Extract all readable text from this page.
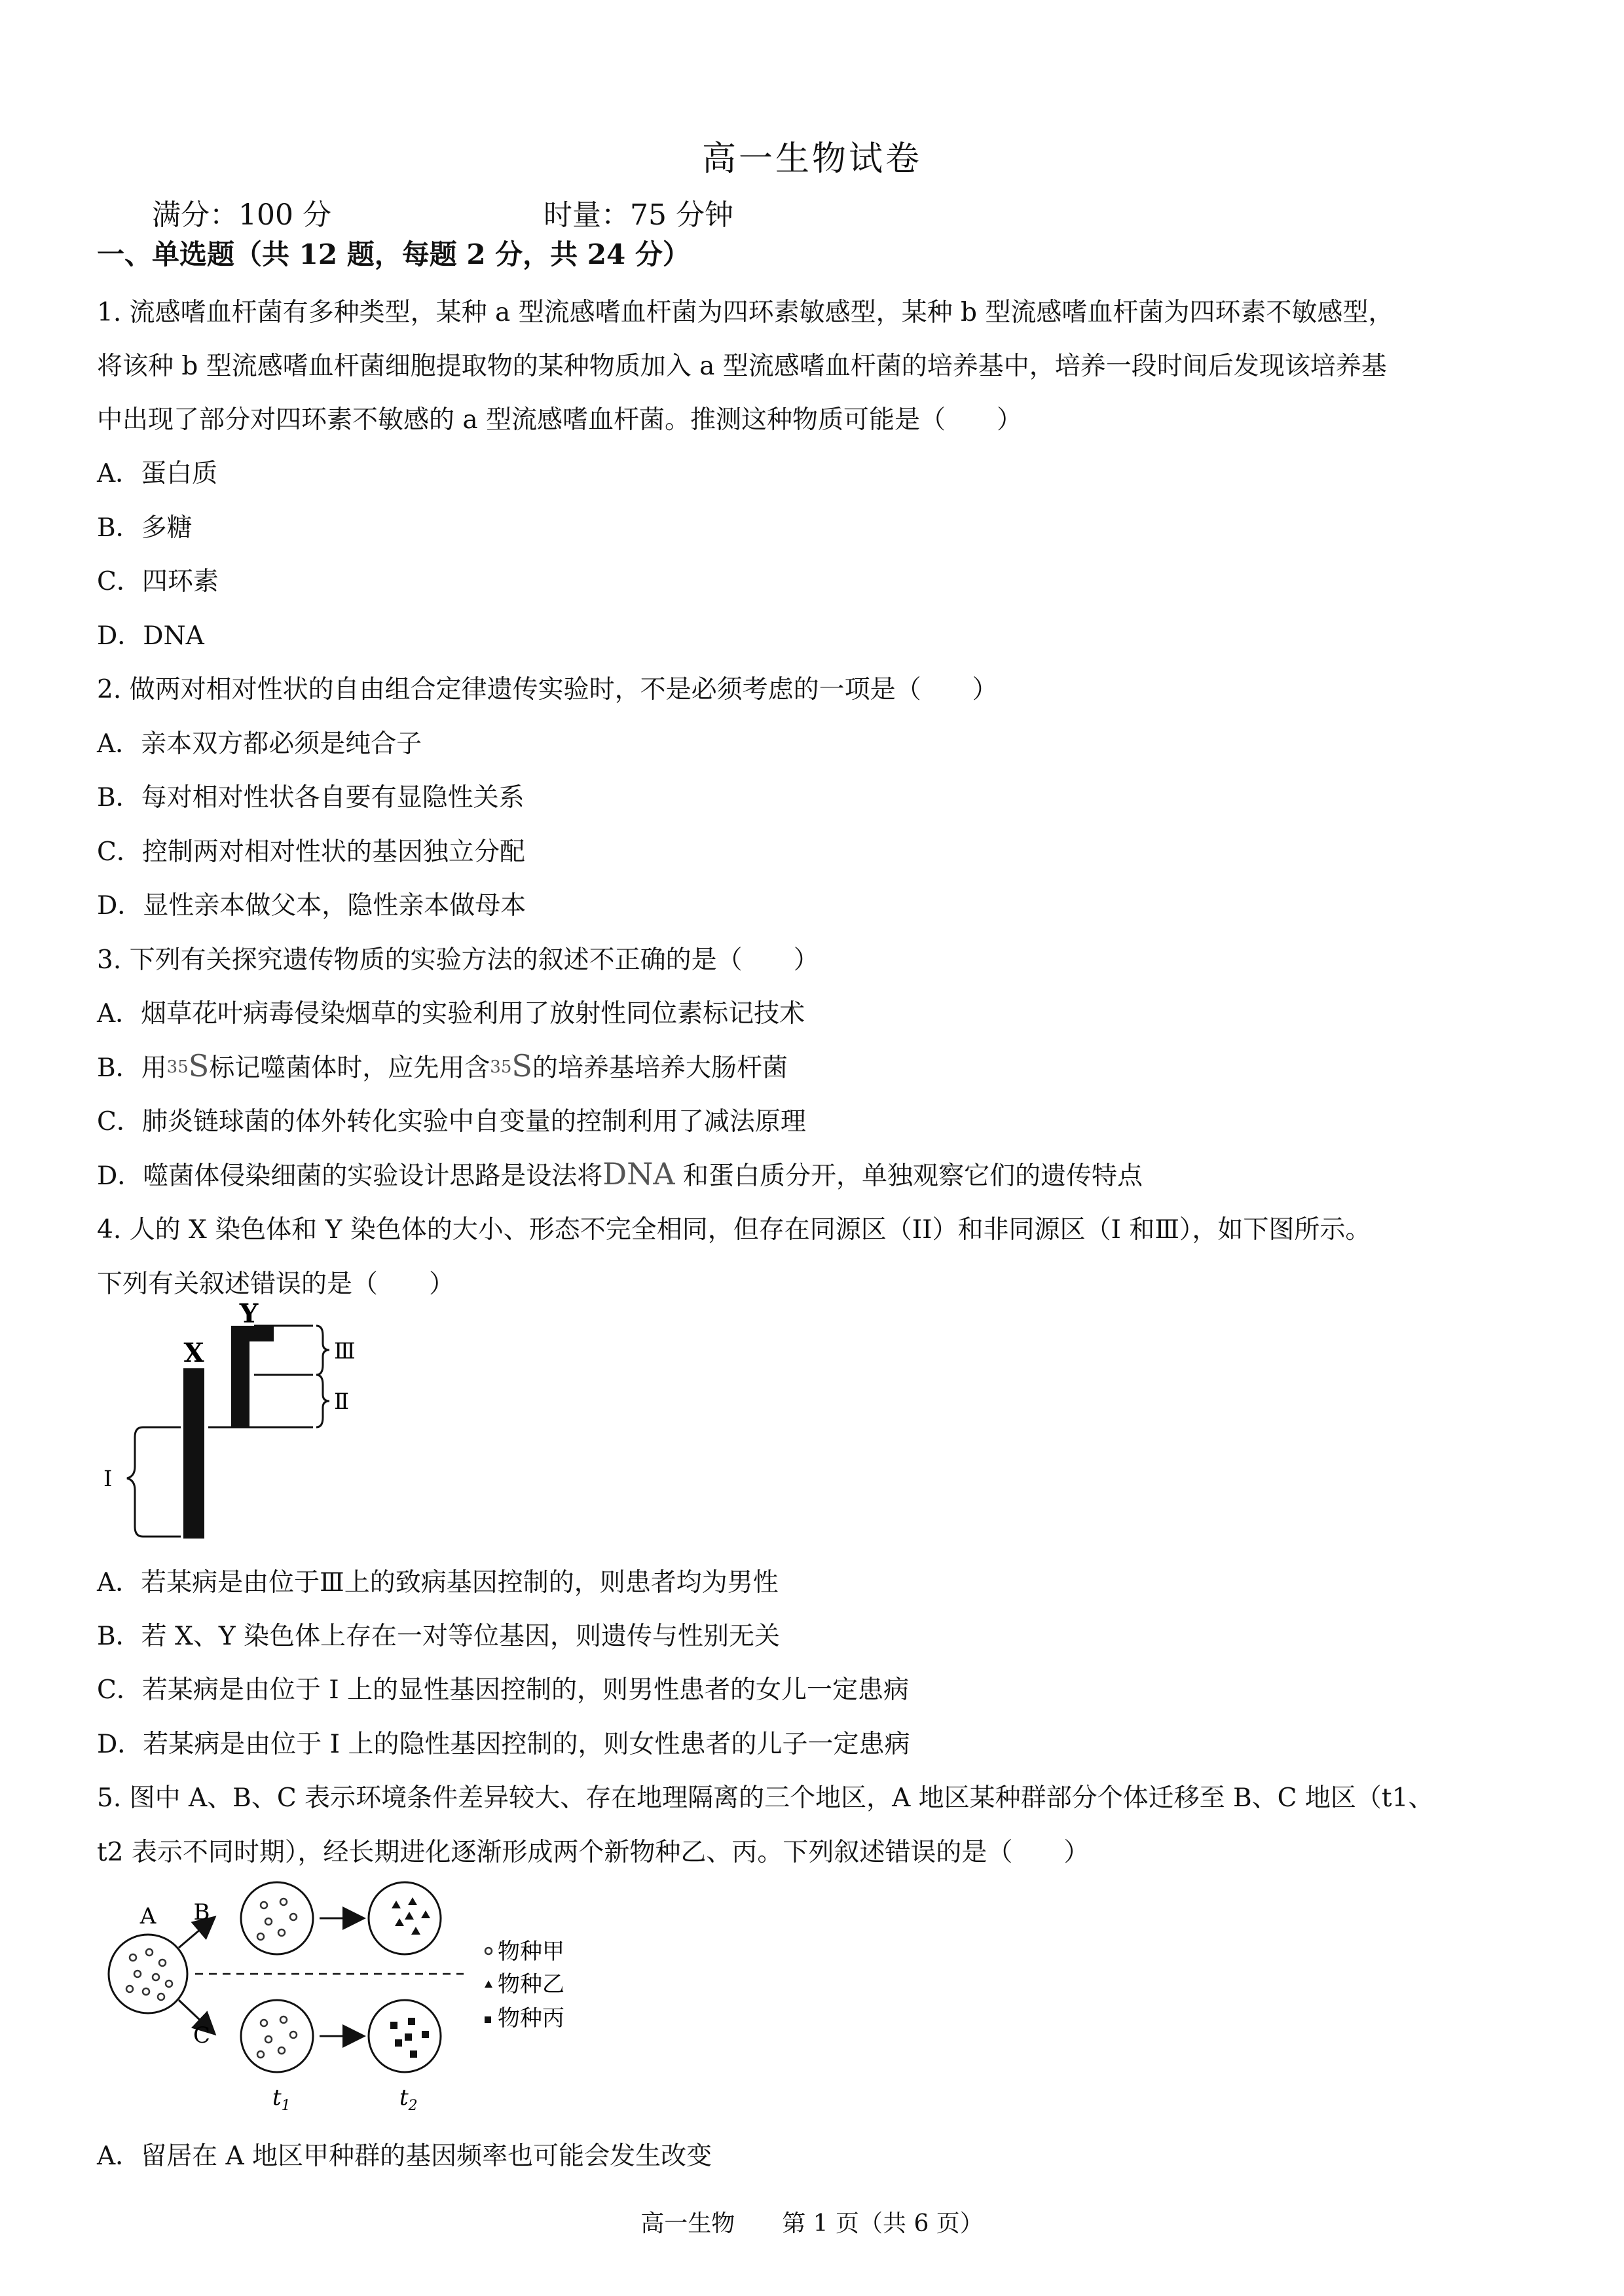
高一生物试卷
满分：100 分	时量：75 分钟
一、单选题（共 12 题，每题 2 分，共 24 分）
1. 流感嗜血杆菌有多种类型，某种 a 型流感嗜血杆菌为四环素敏感型，某种 b 型流感嗜血杆菌为四环素不敏感型，
将该种 b 型流感嗜血杆菌细胞提取物的某种物质加入 a 型流感嗜血杆菌的培养基中，培养一段时间后发现该培养基
中出现了部分对四环素不敏感的 a 型流感嗜血杆菌。推测这种物质可能是（　　）
A．蛋白质
B．多糖
C．四环素
D．DNA
2. 做两对相对性状的自由组合定律遗传实验时，不是必须考虑的一项是（　　）
A．亲本双方都必须是纯合子
B．每对相对性状各自要有显隐性关系
C．控制两对相对性状的基因独立分配
D．显性亲本做父本，隐性亲本做母本
3. 下列有关探究遗传物质的实验方法的叙述不正确的是（　　）
A．烟草花叶病毒侵染烟草的实验利用了放射性同位素标记技术
B．用$^{35}$S标记噬菌体时，应先用含$^{35}$S的培养基培养大肠杆菌
C．肺炎链球菌的体外转化实验中自变量的控制利用了减法原理
D．噬菌体侵染细菌的实验设计思路是设法将DNA 和蛋白质分开，单独观察它们的遗传特点
4. 人的 X 染色体和 Y 染色体的大小、形态不完全相同，但存在同源区（II）和非同源区（I 和Ⅲ），如下图所示。
下列有关叙述错误的是（　　）
X
Y
Ⅲ
Ⅱ
I
A．若某病是由位于Ⅲ上的致病基因控制的，则患者均为男性
B．若 X、Y 染色体上存在一对等位基因，则遗传与性别无关
C．若某病是由位于 I 上的显性基因控制的，则男性患者的女儿一定患病
D．若某病是由位于 I 上的隐性基因控制的，则女性患者的儿子一定患病
5. 图中 A、B、C 表示环境条件差异较大、存在地理隔离的三个地区，A 地区某种群部分个体迁移至 B、C 地区（t1、
t2 表示不同时期），经长期进化逐渐形成两个新物种乙、丙。下列叙述错误的是（　　）
A B
C
$t_1$	$t_2$
物种甲
物种乙
物种丙
A．留居在 A 地区甲种群的基因频率也可能会发生改变
高一生物　　第 1 页（共 6 页）
